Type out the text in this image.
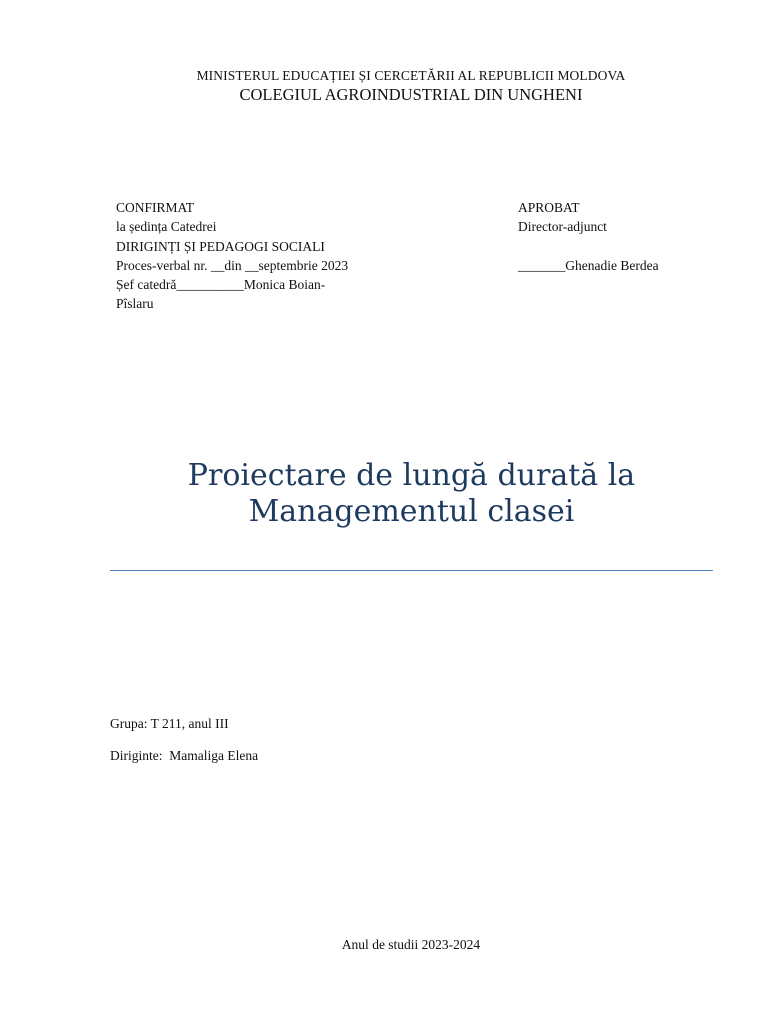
MINISTERUL EDUCAȚIEI ȘI CERCETĂRII AL REPUBLICII MOLDOVA
COLEGIUL AGROINDUSTRIAL DIN UNGHENI
CONFIRMAT
la ședința Catedrei
DIRIGINȚI ȘI PEDAGOGI SOCIALI
Proces-verbal nr. __din __septembrie 2023
Șef catedră__________Monica Boian-
Pîslaru
APROBAT
Director-adjunct
_______Ghenadie Berdea
Proiectare de lungă durată la
Managementul clasei
Grupa: T 211, anul III
Diriginte:  Mamaliga Elena
Anul de studii 2023-2024
